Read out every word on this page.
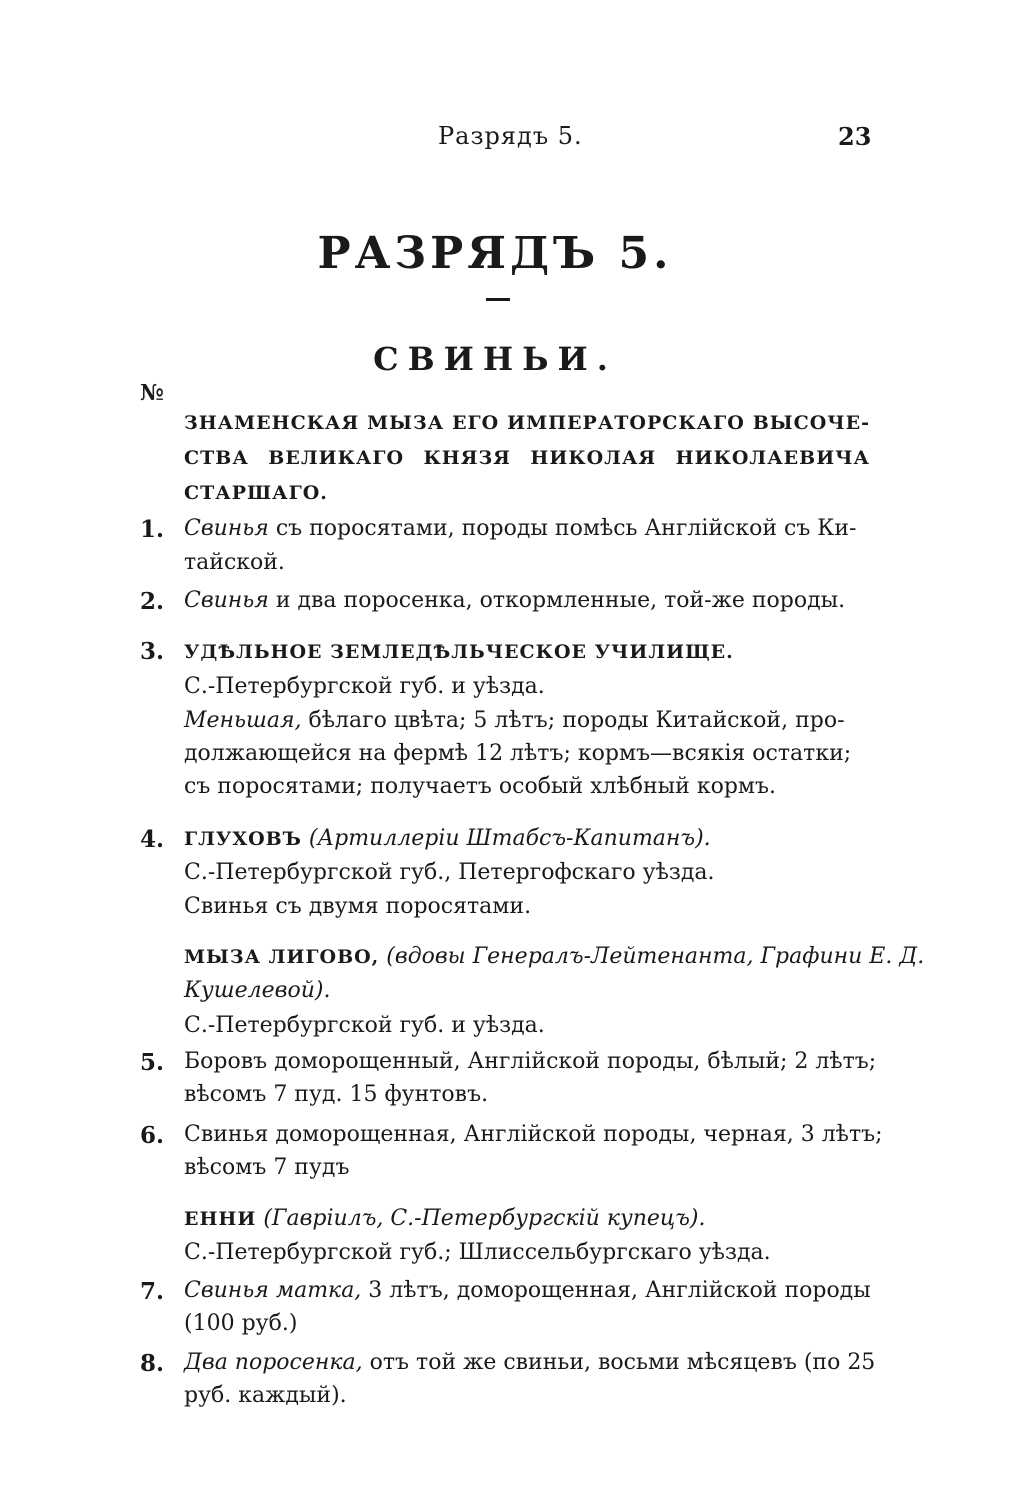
Разрядъ 5.	23
РАЗРЯДЪ 5.
СВИНЬИ.
№
ЗНАМЕНСКАЯ МЫЗА ЕГО ИМПЕРАТОРСКАГО ВЫСОЧЕ-
СТВА ВЕЛИКАГО КНЯЗЯ НИКОЛАЯ НИКОЛАЕВИЧА
СТАРШАГО.
1. Свинья съ поросятами, породы помѣсь Англійской съ Ки-
тайской.
2. Свинья и два поросенка, откормленные, той-же породы.
3. УДѢЛЬНОЕ ЗЕМЛЕДѢЛЬЧЕСКОЕ УЧИЛИЩЕ.
С.-Петербургской губ. и уѣзда.
Меньшая, бѣлаго цвѣта; 5 лѣтъ; породы Китайской, про-
должающейся на фермѣ 12 лѣтъ; кормъ—всякія остатки;
съ поросятами; получаетъ особый хлѣбный кормъ.
4. ГЛУХОВЪ (Артиллеріи Штабсъ-Капитанъ).
С.-Петербургской губ., Петергофскаго уѣзда.
Свинья съ двумя поросятами.
МЫЗА ЛИГОВО, (вдовы Генералъ-Лейтенанта, Графини Е. Д.
Кушелевой).
С.-Петербургской губ. и уѣзда.
5. Боровъ доморощенный, Англійской породы, бѣлый; 2 лѣтъ;
вѣсомъ 7 пуд. 15 фунтовъ.
6. Свинья доморощенная, Англійской породы, черная, 3 лѣтъ;
вѣсомъ 7 пудъ
ЕННИ (Гавріилъ, С.-Петербургскій купецъ).
С.-Петербургской губ.; Шлиссельбургскаго уѣзда.
7. Свинья матка, 3 лѣтъ, доморощенная, Англійской породы
(100 руб.)
8. Два поросенка, отъ той же свиньи, восьми мѣсяцевъ (по 25
руб. каждый).
